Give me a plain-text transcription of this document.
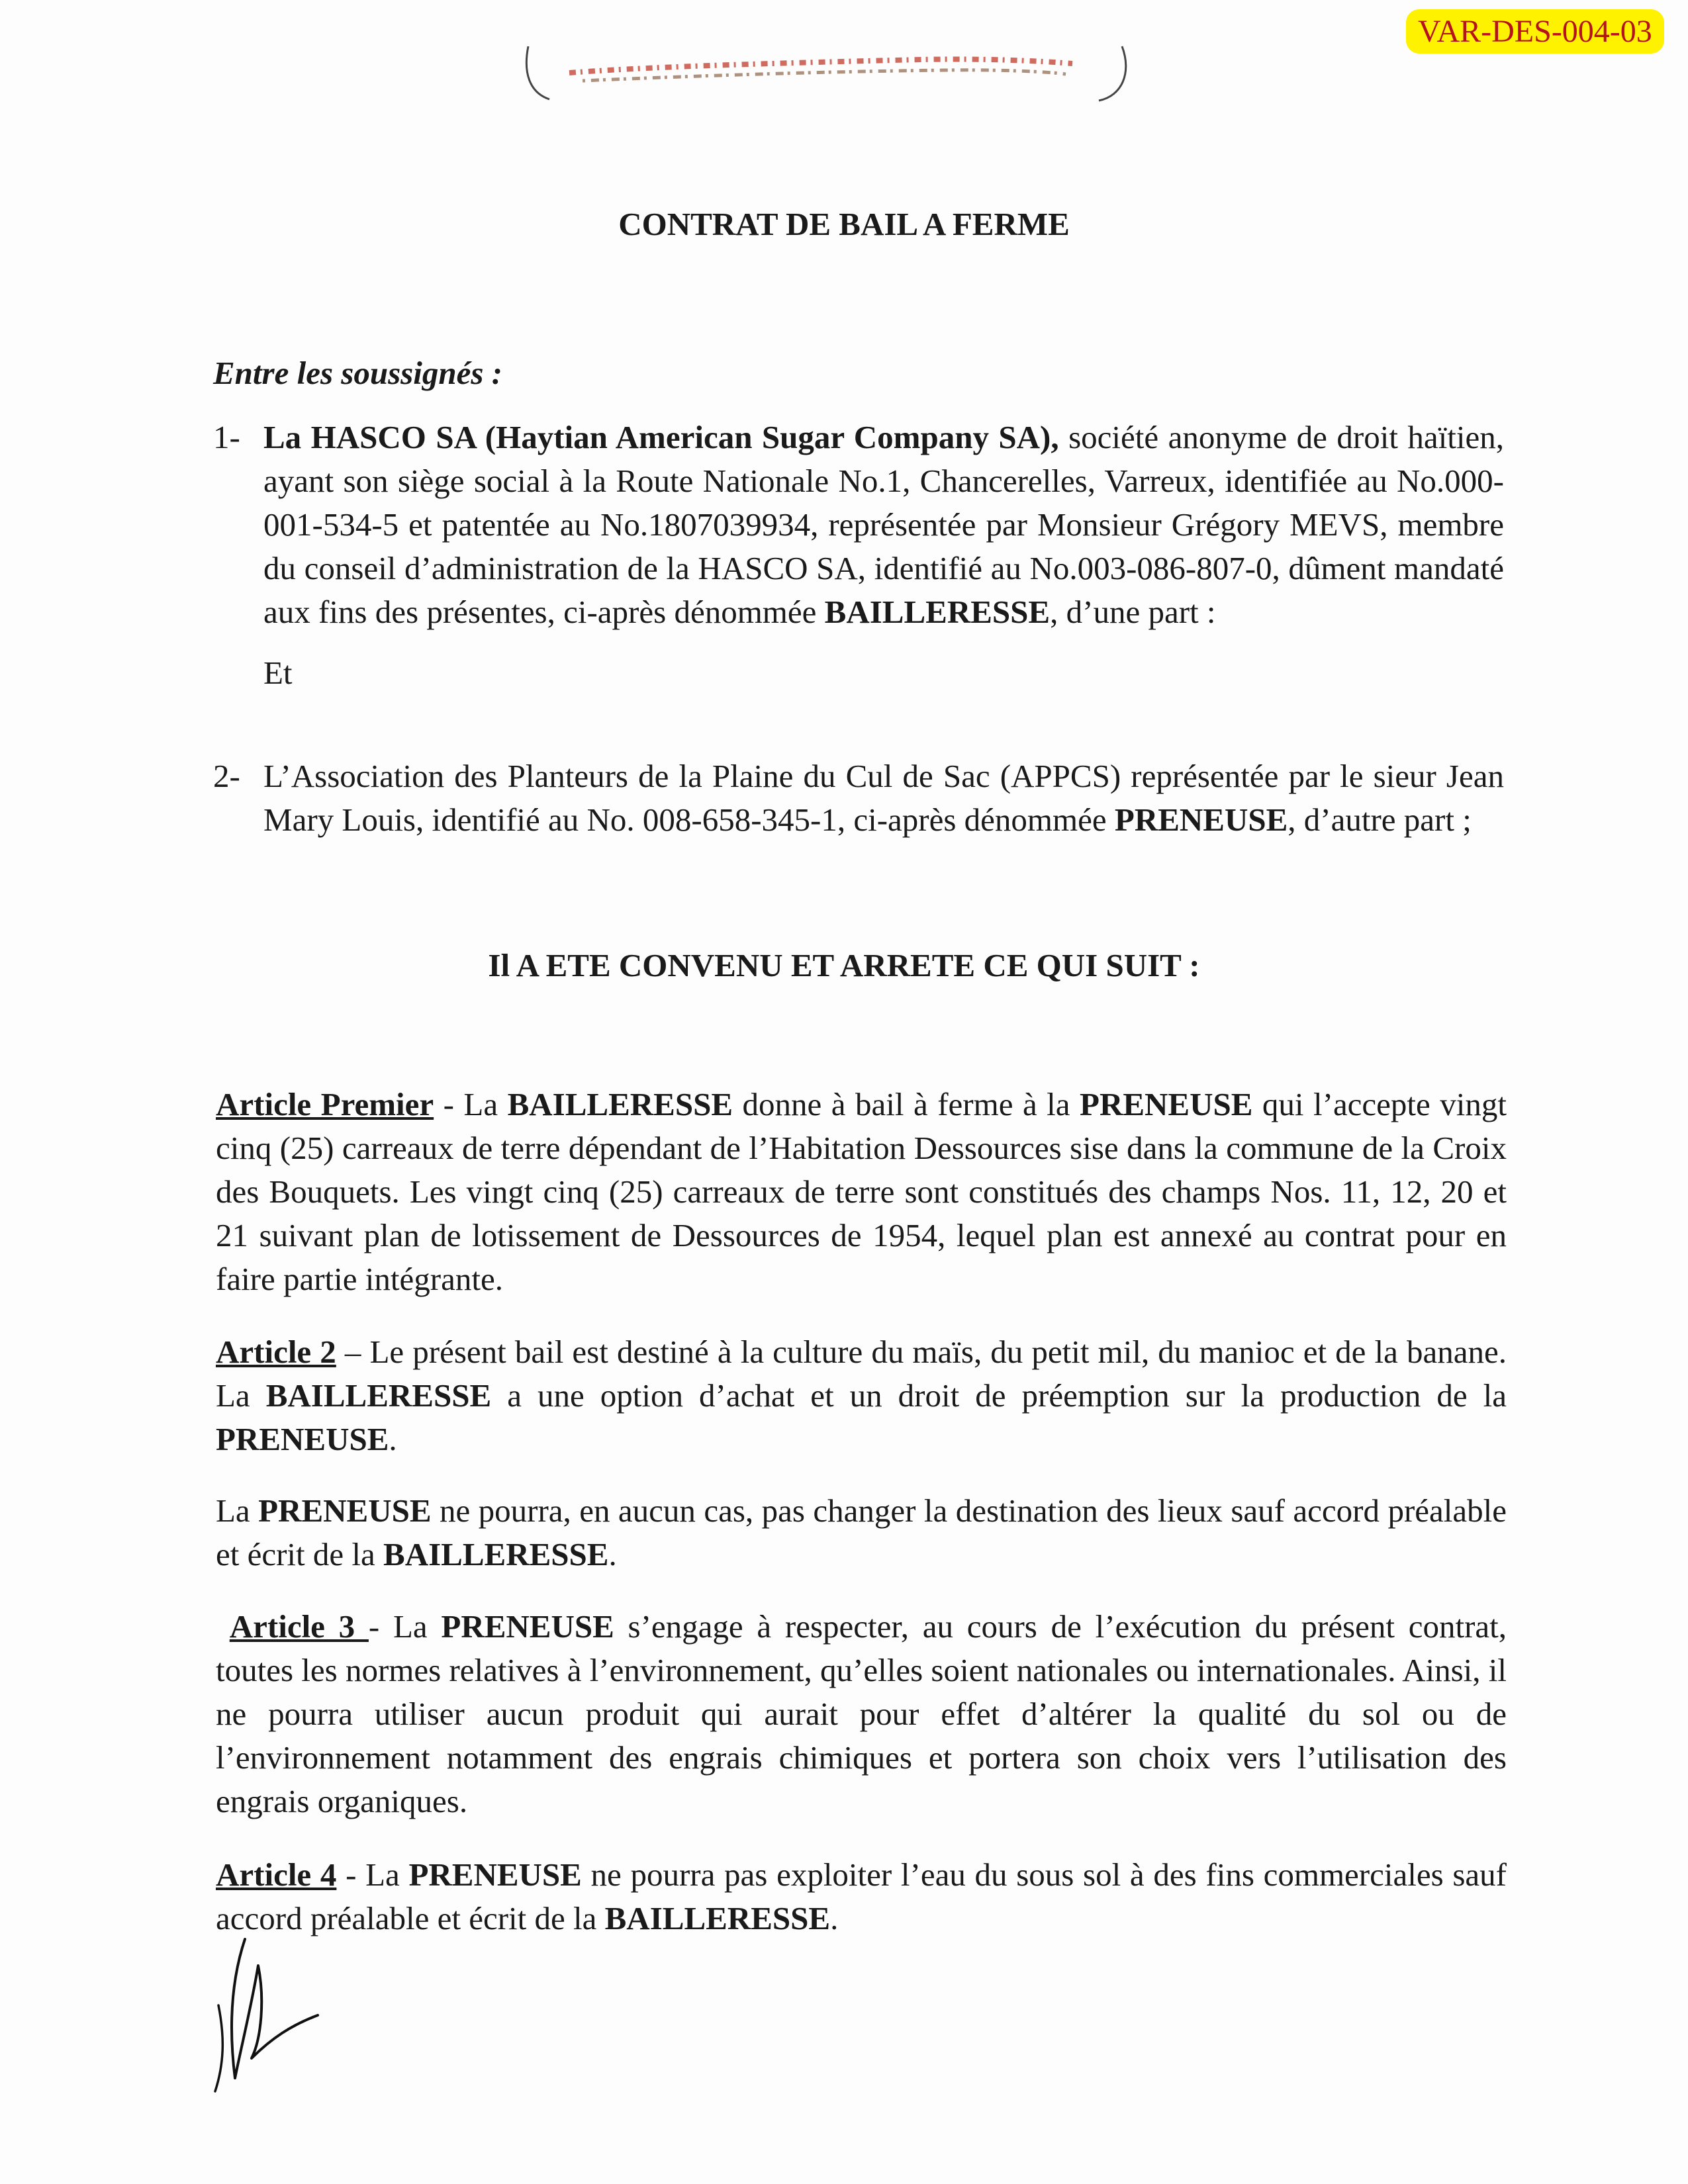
VAR-DES-004-03
CONTRAT DE BAIL A FERME
Entre les soussignés :
1- La HASCO SA (Haytian American Sugar Company SA), société anonyme de droit haïtien, ayant son siège social à la Route Nationale No.1, Chancerelles, Varreux, identifiée au No.000-001-534-5 et patentée au No.1807039934, représentée par Monsieur Grégory MEVS, membre du conseil d’administration de la HASCO SA, identifié au No.003-086-807-0, dûment mandaté aux fins des présentes, ci-après dénommée BAILLERESSE, d’une part :
Et
2- L’Association des Planteurs de la Plaine du Cul de Sac (APPCS) représentée par le sieur Jean Mary Louis, identifié au No. 008-658-345-1, ci-après dénommée PRENEUSE, d’autre part ;
Il A ETE CONVENU ET ARRETE CE QUI SUIT :
Article Premier - La BAILLERESSE donne à bail à ferme à la PRENEUSE qui l’accepte vingt cinq (25) carreaux de terre dépendant de l’Habitation Dessources sise dans la commune de la Croix des Bouquets. Les vingt cinq (25) carreaux de terre sont constitués des champs Nos. 11, 12, 20 et 21 suivant plan de lotissement de Dessources de 1954, lequel plan est annexé au contrat pour en faire partie intégrante.
Article 2 – Le présent bail est destiné à la culture du maïs, du petit mil, du manioc et de la banane. La BAILLERESSE a une option d’achat et un droit de préemption sur la production de la PRENEUSE.
La PRENEUSE ne pourra, en aucun cas, pas changer la destination des lieux sauf accord préalable et écrit de la BAILLERESSE.
Article 3 - La PRENEUSE s’engage à respecter, au cours de l’exécution du présent contrat, toutes les normes relatives à l’environnement, qu’elles soient nationales ou internationales. Ainsi, il ne pourra utiliser aucun produit qui aurait pour effet d’altérer la qualité du sol ou de l’environnement notamment des engrais chimiques et portera son choix vers l’utilisation des engrais organiques.
Article 4 - La PRENEUSE ne pourra pas exploiter l’eau du sous sol à des fins commerciales sauf accord préalable et écrit de la BAILLERESSE.
